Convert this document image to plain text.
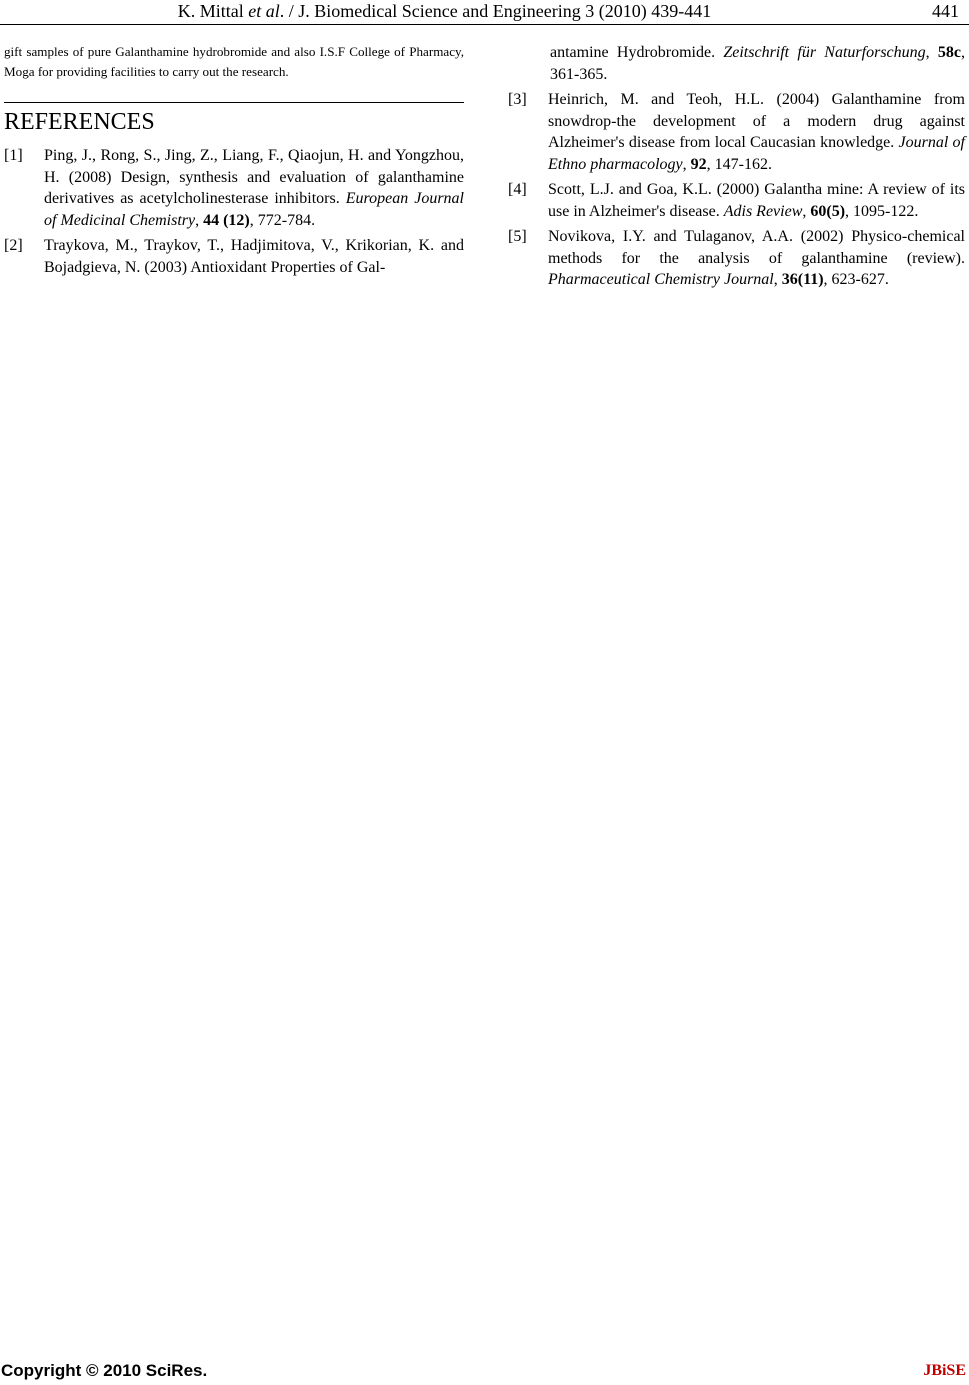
K. Mittal et al. / J. Biomedical Science and Engineering 3 (2010) 439-441	441

gift samples of pure Galanthamine hydrobromide and also I.S.F College of Pharmacy, Moga for providing facilities to carry out the research.

REFERENCES
[1]	Ping, J., Rong, S., Jing, Z., Liang, F., Qiaojun, H. and Yongzhou, H. (2008) Design, synthesis and evaluation of galanthamine derivatives as acetylcholinesterase inhibitors. European Journal of Medicinal Chemistry, 44 (12), 772-784.
[2]	Traykova, M., Traykov, T., Hadjimitova, V., Krikorian, K. and Bojadgieva, N. (2003) Antioxidant Properties of Gal-
antamine Hydrobromide. Zeitschrift für Naturforschung, 58c, 361-365.
[3]	Heinrich, M. and Teoh, H.L. (2004) Galanthamine from snowdrop-the development of a modern drug against Alzheimer's disease from local Caucasian knowledge. Journal of Ethno pharmacology, 92, 147-162.
[4]	Scott, L.J. and Goa, K.L. (2000) Galantha mine: A review of its use in Alzheimer's disease. Adis Review, 60(5), 1095-122.
[5]	Novikova, I.Y. and Tulaganov, A.A. (2002) Physico-chemical methods for the analysis of galanthamine (review). Pharmaceutical Chemistry Journal, 36(11), 623-627.
Copyright © 2010 SciRes.	JBiSE
